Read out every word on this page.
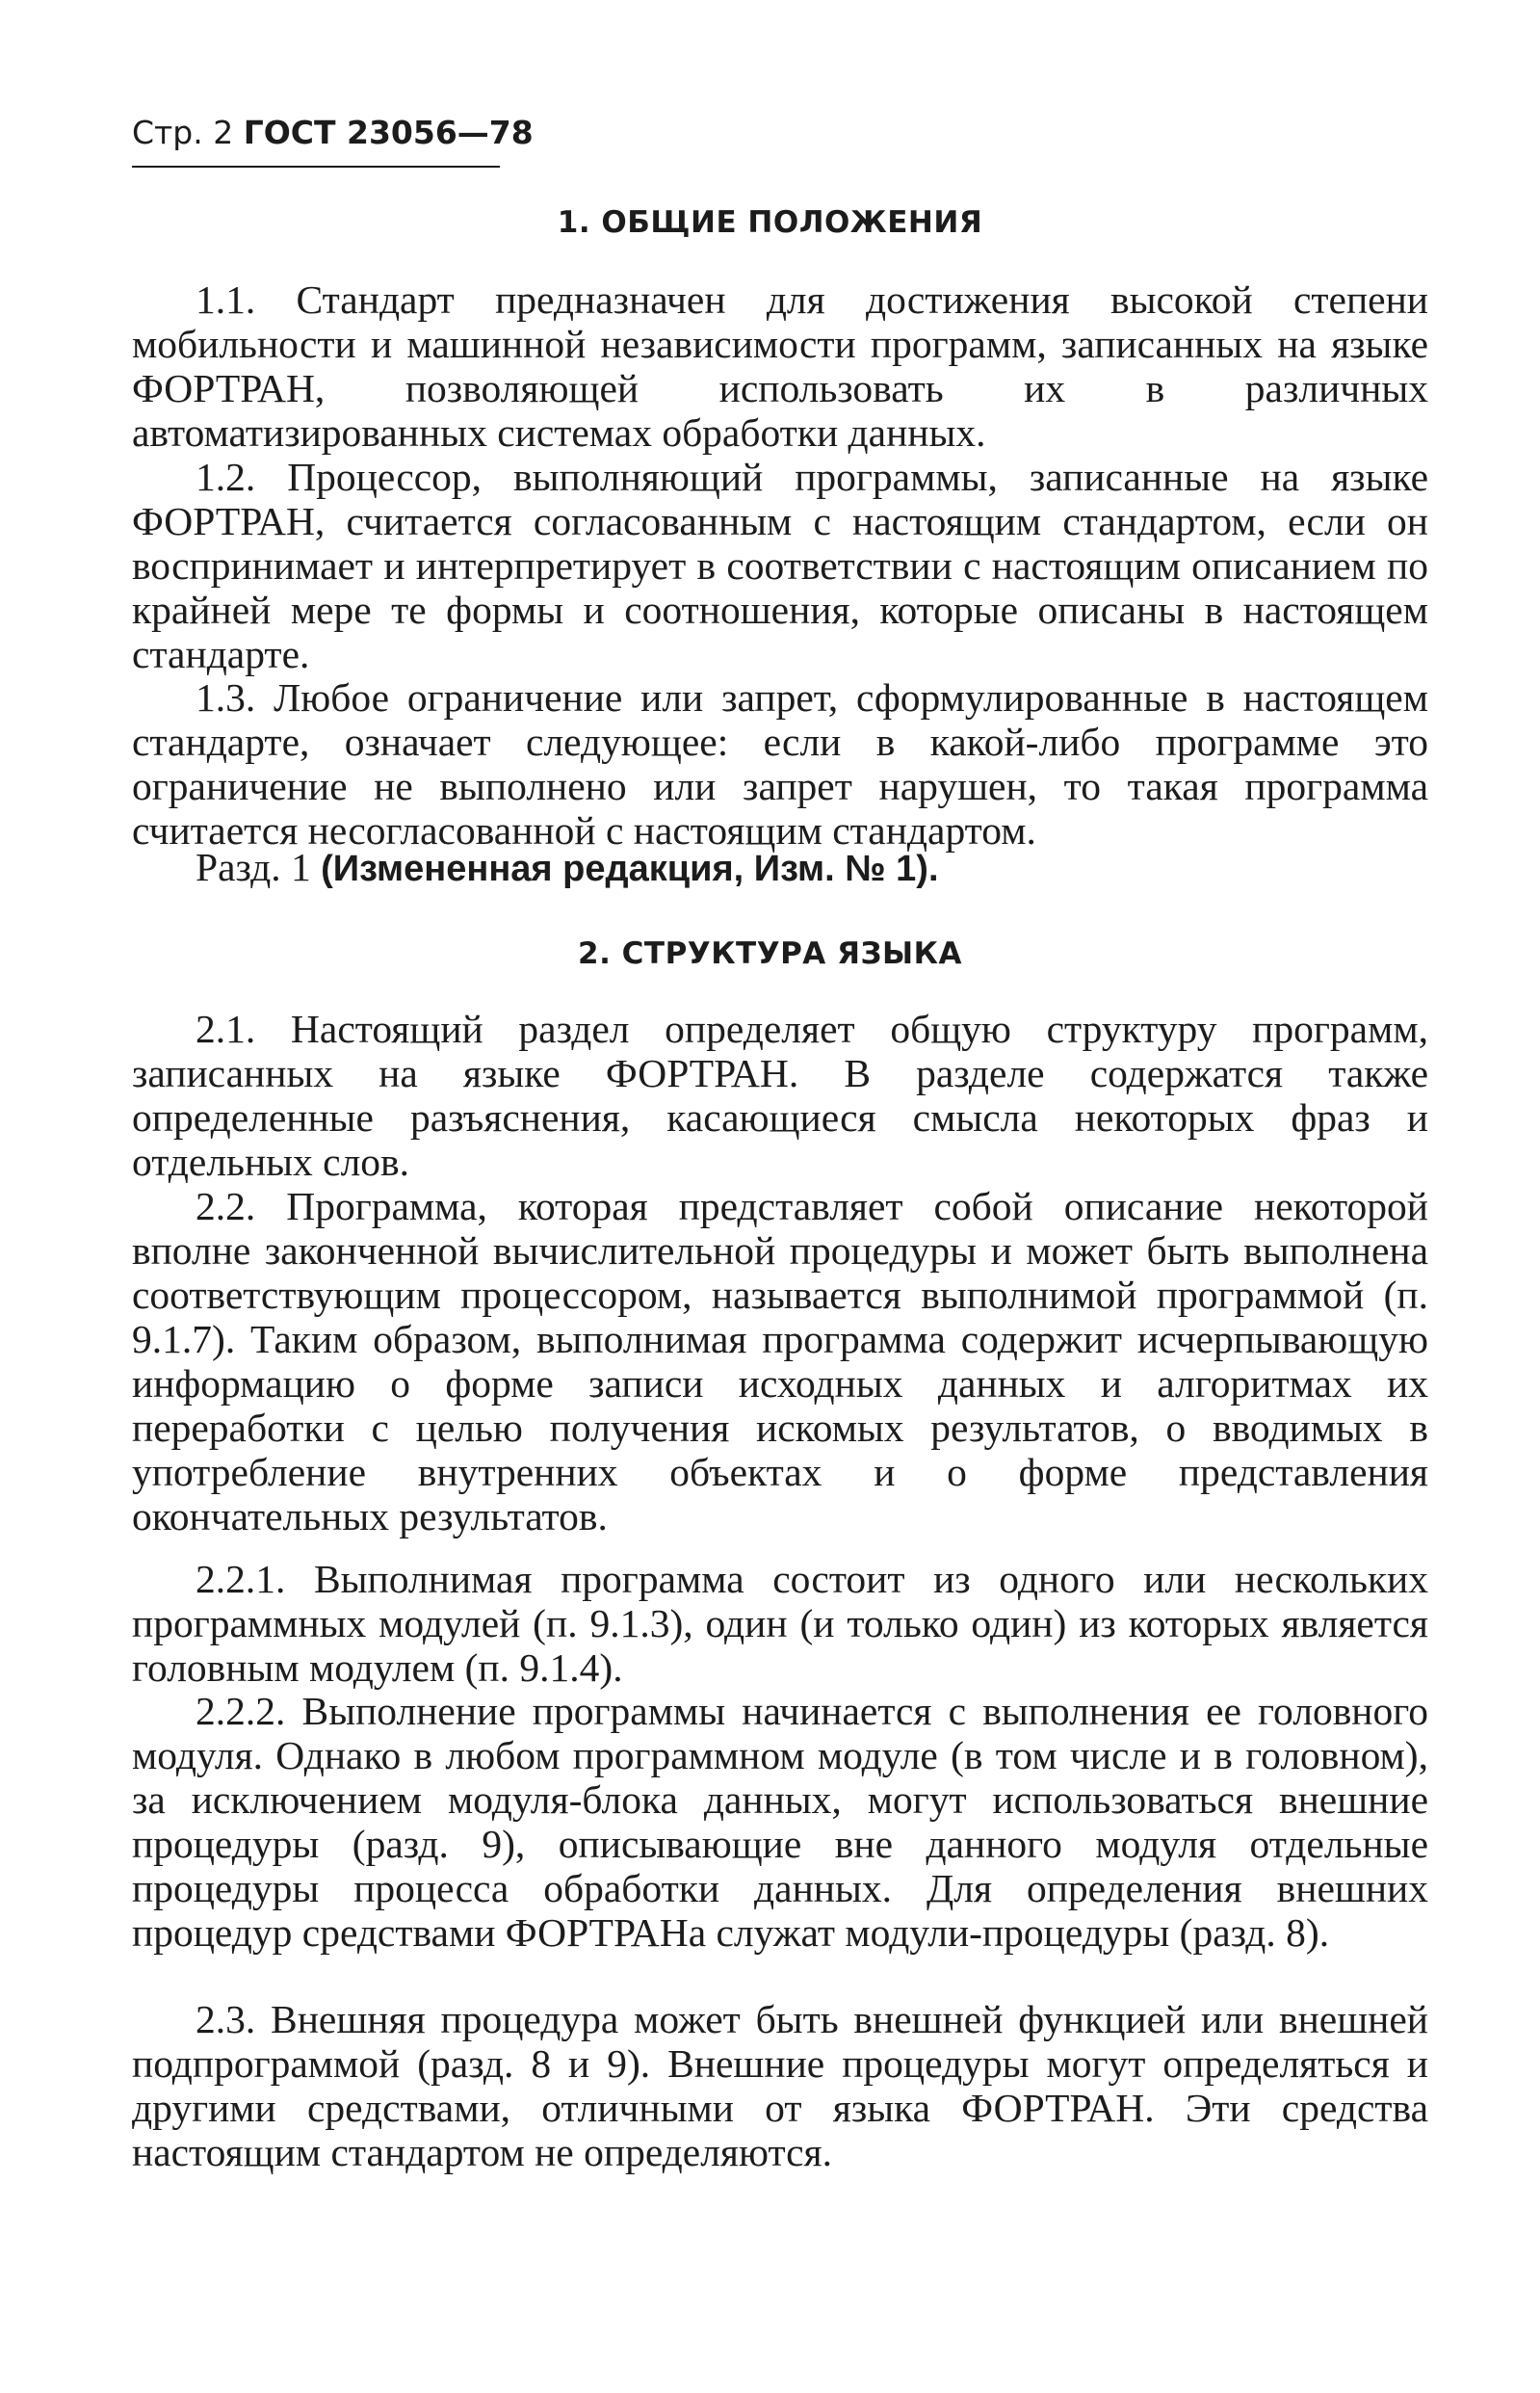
Стр. 2 ГОСТ 23056—78
1. ОБЩИЕ ПОЛОЖЕНИЯ
1.1. Стандарт предназначен для достижения высокой степени мобильности и машинной независимости программ, записанных на языке ФОРТРАН, позволяющей использовать их в различных автоматизированных системах обработки данных.
1.2. Процессор, выполняющий программы, записанные на языке ФОРТРАН, считается согласованным с настоящим стандартом, если он воспринимает и интерпретирует в соответствии с настоящим описанием по крайней мере те формы и соотношения, которые описаны в настоящем стандарте.
1.3. Любое ограничение или запрет, сформулированные в настоящем стандарте, означает следующее: если в какой-либо программе это ограничение не выполнено или запрет нарушен, то такая программа считается несогласованной с настоящим стандартом.
Разд. 1 (Измененная редакция, Изм. № 1).
2. СТРУКТУРА ЯЗЫКА
2.1. Настоящий раздел определяет общую структуру программ, записанных на языке ФОРТРАН. В разделе содержатся также определенные разъяснения, касающиеся смысла некоторых фраз и отдельных слов.
2.2. Программа, которая представляет собой описание некоторой вполне законченной вычислительной процедуры и может быть выполнена соответствующим процессором, называется выполнимой программой (п. 9.1.7). Таким образом, выполнимая программа содержит исчерпывающую информацию о форме записи исходных данных и алгоритмах их переработки с целью получения искомых результатов, о вводимых в употребление внутренних объектах и о форме представления окончательных результатов.
2.2.1. Выполнимая программа состоит из одного или нескольких программных модулей (п. 9.1.3), один (и только один) из которых является головным модулем (п. 9.1.4).
2.2.2. Выполнение программы начинается с выполнения ее головного модуля. Однако в любом программном модуле (в том числе и в головном), за исключением модуля-блока данных, могут использоваться внешние процедуры (разд. 9), описывающие вне данного модуля отдельные процедуры процесса обработки данных. Для определения внешних процедур средствами ФОРТРАНа служат модули-процедуры (разд. 8).
2.3. Внешняя процедура может быть внешней функцией или внешней подпрограммой (разд. 8 и 9). Внешние процедуры могут определяться и другими средствами, отличными от языка ФОРТРАН. Эти средства настоящим стандартом не определяются.
